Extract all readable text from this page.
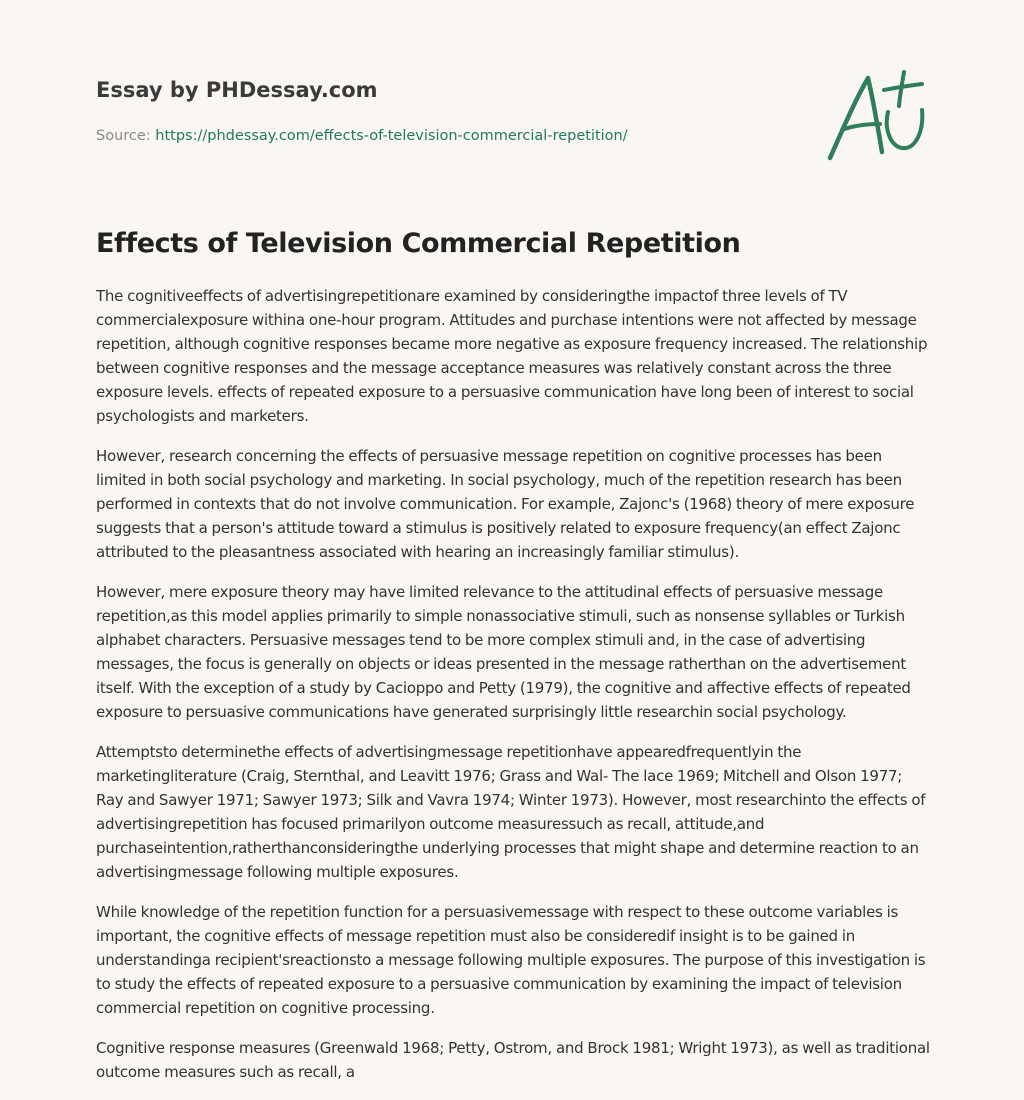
Essay by PHDessay.com
Source: https://phdessay.com/effects-of-television-commercial-repetition/
Effects of Television Commercial Repetition

The cognitiveeffects of advertisingrepetitionare examined by consideringthe impactof three levels of TV commercialexposure withina one-hour program. Attitudes and purchase intentions were not affected by message repetition, although cognitive responses became more negative as exposure frequency increased. The relationship between cognitive responses and the message acceptance measures was relatively constant across the three exposure levels. effects of repeated exposure to a persuasive communication have long been of interest to social psychologists and marketers.

However, research concerning the effects of persuasive message repetition on cognitive processes has been limited in both social psychology and marketing. In social psychology, much of the repetition research has been performed in contexts that do not involve communication. For example, Zajonc's (1968) theory of mere exposure suggests that a person's attitude toward a stimulus is positively related to exposure frequency(an effect Zajonc attributed to the pleasantness associated with hearing an increasingly familiar stimulus).

However, mere exposure theory may have limited relevance to the attitudinal effects of persuasive message repetition,as this model applies primarily to simple nonassociative stimuli, such as nonsense syllables or Turkish alphabet characters. Persuasive messages tend to be more complex stimuli and, in the case of advertising messages, the focus is generally on objects or ideas presented in the message ratherthan on the advertisement itself. With the exception of a study by Cacioppo and Petty (1979), the cognitive and affective effects of repeated exposure to persuasive communications have generated surprisingly little researchin social psychology.

Attemptsto determinethe effects of advertisingmessage repetitionhave appearedfrequentlyin the marketingliterature (Craig, Sternthal, and Leavitt 1976; Grass and Wal- The lace 1969; Mitchell and Olson 1977; Ray and Sawyer 1971; Sawyer 1973; Silk and Vavra 1974; Winter 1973). However, most researchinto the effects of advertisingrepetition has focused primarilyon outcome measuressuch as recall, attitude,and purchaseintention,ratherthanconsideringthe underlying processes that might shape and determine reaction to an advertisingmessage following multiple exposures.

While knowledge of the repetition function for a persuasivemessage with respect to these outcome variables is important, the cognitive effects of message repetition must also be consideredif insight is to be gained in understandinga recipient'sreactionsto a message following multiple exposures. The purpose of this investigation is to study the effects of repeated exposure to a persuasive communication by examining the impact of television commercial repetition on cognitive processing.

Cognitive response measures (Greenwald 1968; Petty, Ostrom, and Brock 1981; Wright 1973), as well as traditional outcome measures such as recall, a
